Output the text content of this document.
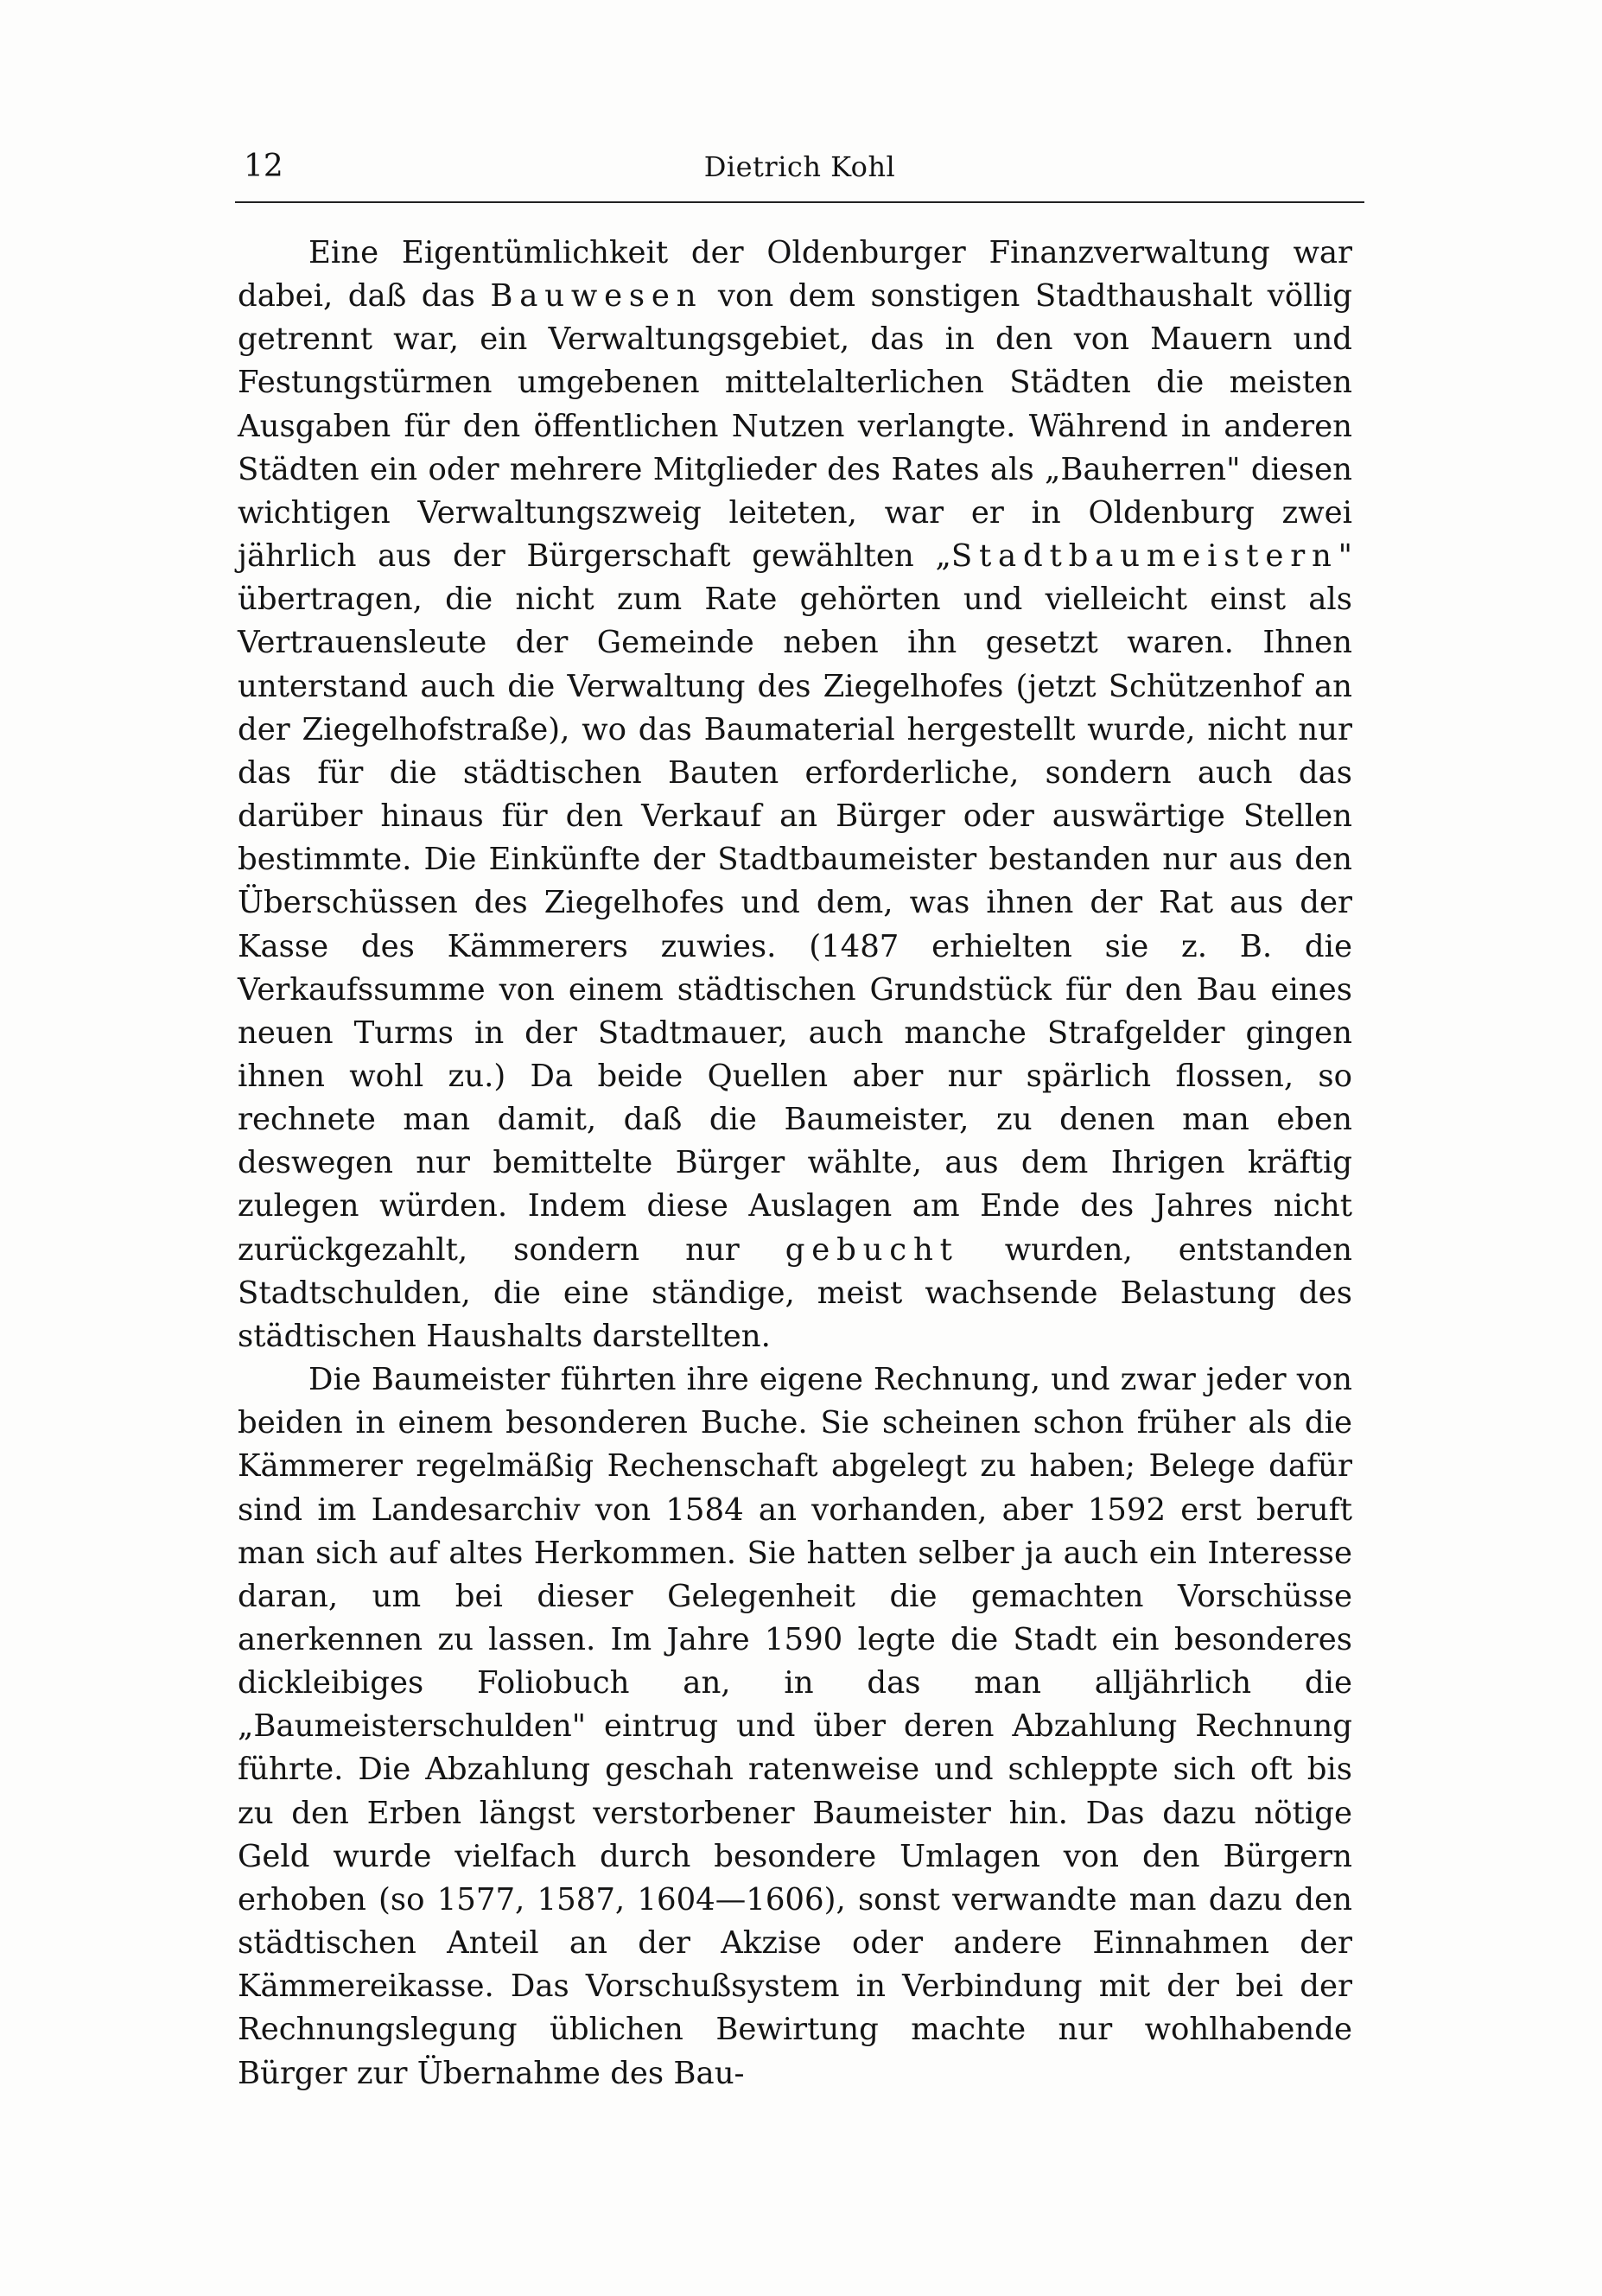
12	Dietrich Kohl

Eine Eigentümlichkeit der Oldenburger Finanzverwaltung war dabei, daß das Bauwesen von dem sonstigen Stadthaushalt völlig getrennt war, ein Verwaltungsgebiet, das in den von Mauern und Festungstürmen umgebenen mittelalterlichen Städten die meisten Ausgaben für den öffentlichen Nutzen verlangte. Während in anderen Städten ein oder mehrere Mitglieder des Rates als „Bauherren" diesen wichtigen Verwaltungszweig leiteten, war er in Oldenburg zwei jährlich aus der Bürgerschaft gewählten „Stadtbaumeistern" übertragen, die nicht zum Rate gehörten und vielleicht einst als Vertrauensleute der Gemeinde neben ihn gesetzt waren. Ihnen unterstand auch die Verwaltung des Ziegelhofes (jetzt Schützenhof an der Ziegelhofstraße), wo das Baumaterial hergestellt wurde, nicht nur das für die städtischen Bauten erforderliche, sondern auch das darüber hinaus für den Verkauf an Bürger oder auswärtige Stellen bestimmte. Die Einkünfte der Stadtbaumeister bestanden nur aus den Überschüssen des Ziegelhofes und dem, was ihnen der Rat aus der Kasse des Kämmerers zuwies. (1487 erhielten sie z. B. die Verkaufssumme von einem städtischen Grundstück für den Bau eines neuen Turms in der Stadtmauer, auch manche Strafgelder gingen ihnen wohl zu.) Da beide Quellen aber nur spärlich flossen, so rechnete man damit, daß die Baumeister, zu denen man eben deswegen nur bemittelte Bürger wählte, aus dem Ihrigen kräftig zulegen würden. Indem diese Auslagen am Ende des Jahres nicht zurückgezahlt, sondern nur gebucht wurden, entstanden Stadtschulden, die eine ständige, meist wachsende Belastung des städtischen Haushalts darstellten.

Die Baumeister führten ihre eigene Rechnung, und zwar jeder von beiden in einem besonderen Buche. Sie scheinen schon früher als die Kämmerer regelmäßig Rechenschaft abgelegt zu haben; Belege dafür sind im Landesarchiv von 1584 an vorhanden, aber 1592 erst beruft man sich auf altes Herkommen. Sie hatten selber ja auch ein Interesse daran, um bei dieser Gelegenheit die gemachten Vorschüsse anerkennen zu lassen. Im Jahre 1590 legte die Stadt ein besonderes dickleibiges Foliobuch an, in das man alljährlich die „Baumeisterschulden" eintrug und über deren Abzahlung Rechnung führte. Die Abzahlung geschah ratenweise und schleppte sich oft bis zu den Erben längst verstorbener Baumeister hin. Das dazu nötige Geld wurde vielfach durch besondere Umlagen von den Bürgern erhoben (so 1577, 1587, 1604—1606), sonst verwandte man dazu den städtischen Anteil an der Akzise oder andere Einnahmen der Kämmereikasse. Das Vorschußsystem in Verbindung mit der bei der Rechnungslegung üblichen Bewirtung machte nur wohlhabende Bürger zur Übernahme des Bau-
